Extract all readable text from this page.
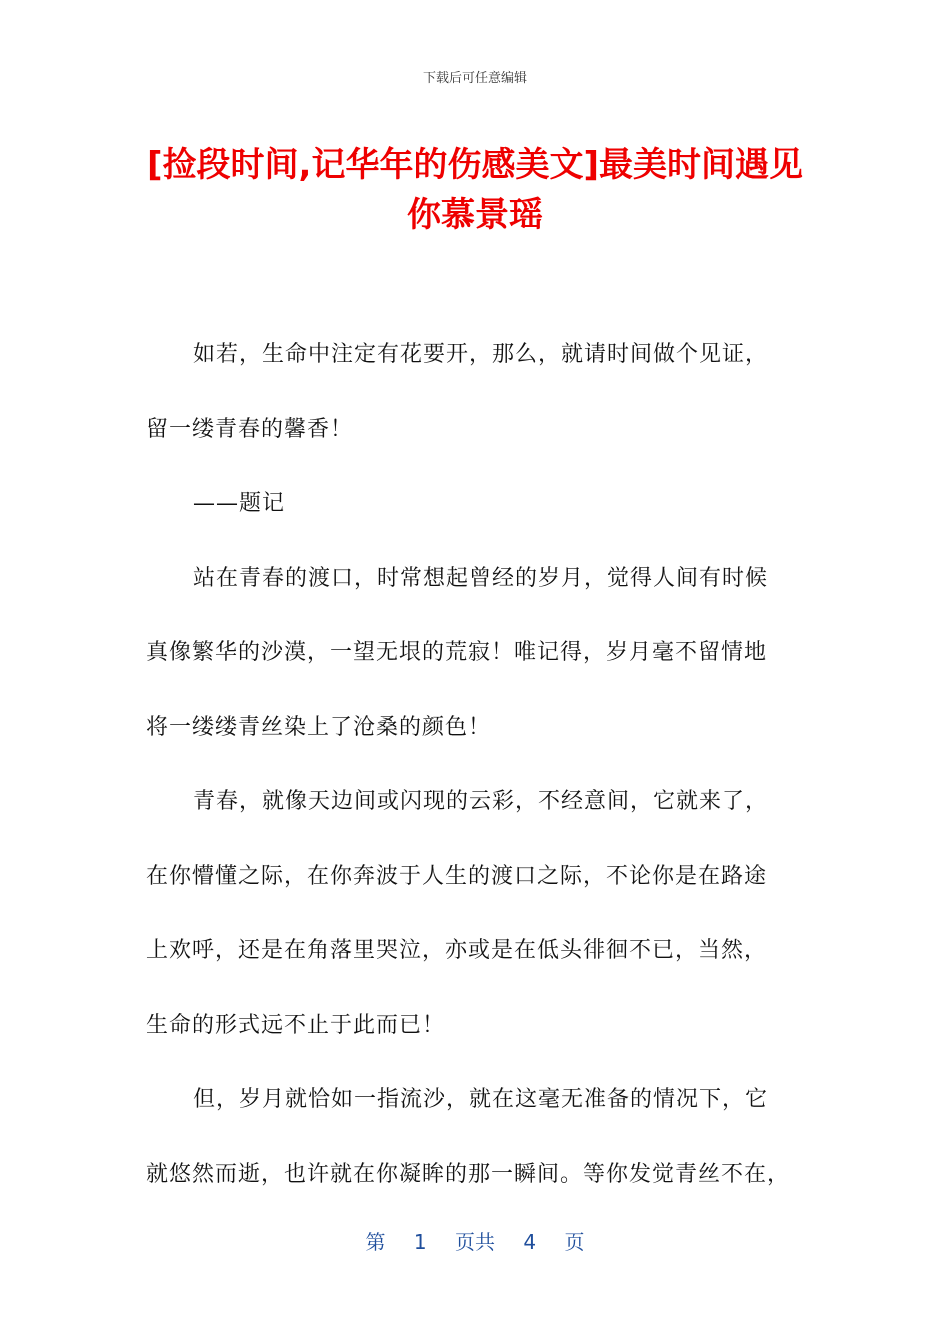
下载后可任意编辑
[捡段时间,记华年的伤感美文]最美时间遇见
你慕景瑶
如若，生命中注定有花要开，那么，就请时间做个见证，
留一缕青春的馨香！
——题记
站在青春的渡口，时常想起曾经的岁月，觉得人间有时候
真像繁华的沙漠，一望无垠的荒寂！唯记得，岁月毫不留情地
将一缕缕青丝染上了沧桑的颜色！
青春，就像天边间或闪现的云彩，不经意间，它就来了，
在你懵懂之际，在你奔波于人生的渡口之际，不论你是在路途
上欢呼，还是在角落里哭泣，亦或是在低头徘徊不已，当然，
生命的形式远不止于此而已！
但，岁月就恰如一指流沙，就在这毫无准备的情况下，它
就悠然而逝，也许就在你凝眸的那一瞬间。等你发觉青丝不在，
第 1 页共 4 页
